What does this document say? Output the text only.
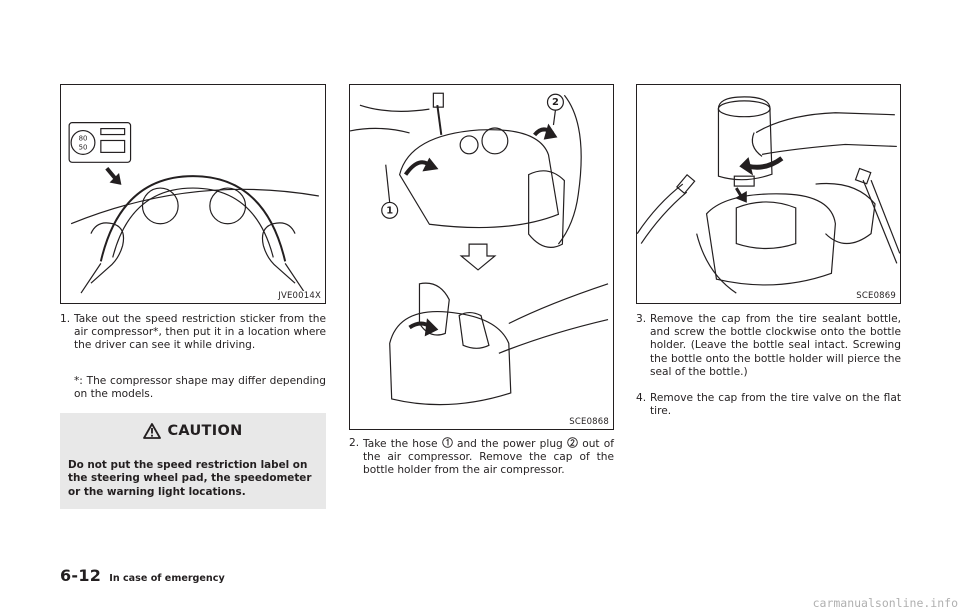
80
50
JVE0014X
1. Take out the speed restriction sticker from the air compressor*, then put it in a location where the driver can see it while driving.
*: The compressor shape may differ depending on the models.
CAUTION
Do not put the speed restriction label on the steering wheel pad, the speedometer or the warning light locations.
2
1
SCE0868
2. Take the hose  and the power plug  out of the air compressor. Remove the cap of the bottle holder from the air compressor.
SCE0869
3. Remove the cap from the tire sealant bottle, and screw the bottle clockwise onto the bottle holder. (Leave the bottle seal intact. Screwing the bottle onto the bottle holder will pierce the seal of the bottle.)
4. Remove the cap from the tire valve on the flat tire.
6-12 In case of emergency
carmanualsonline.info
